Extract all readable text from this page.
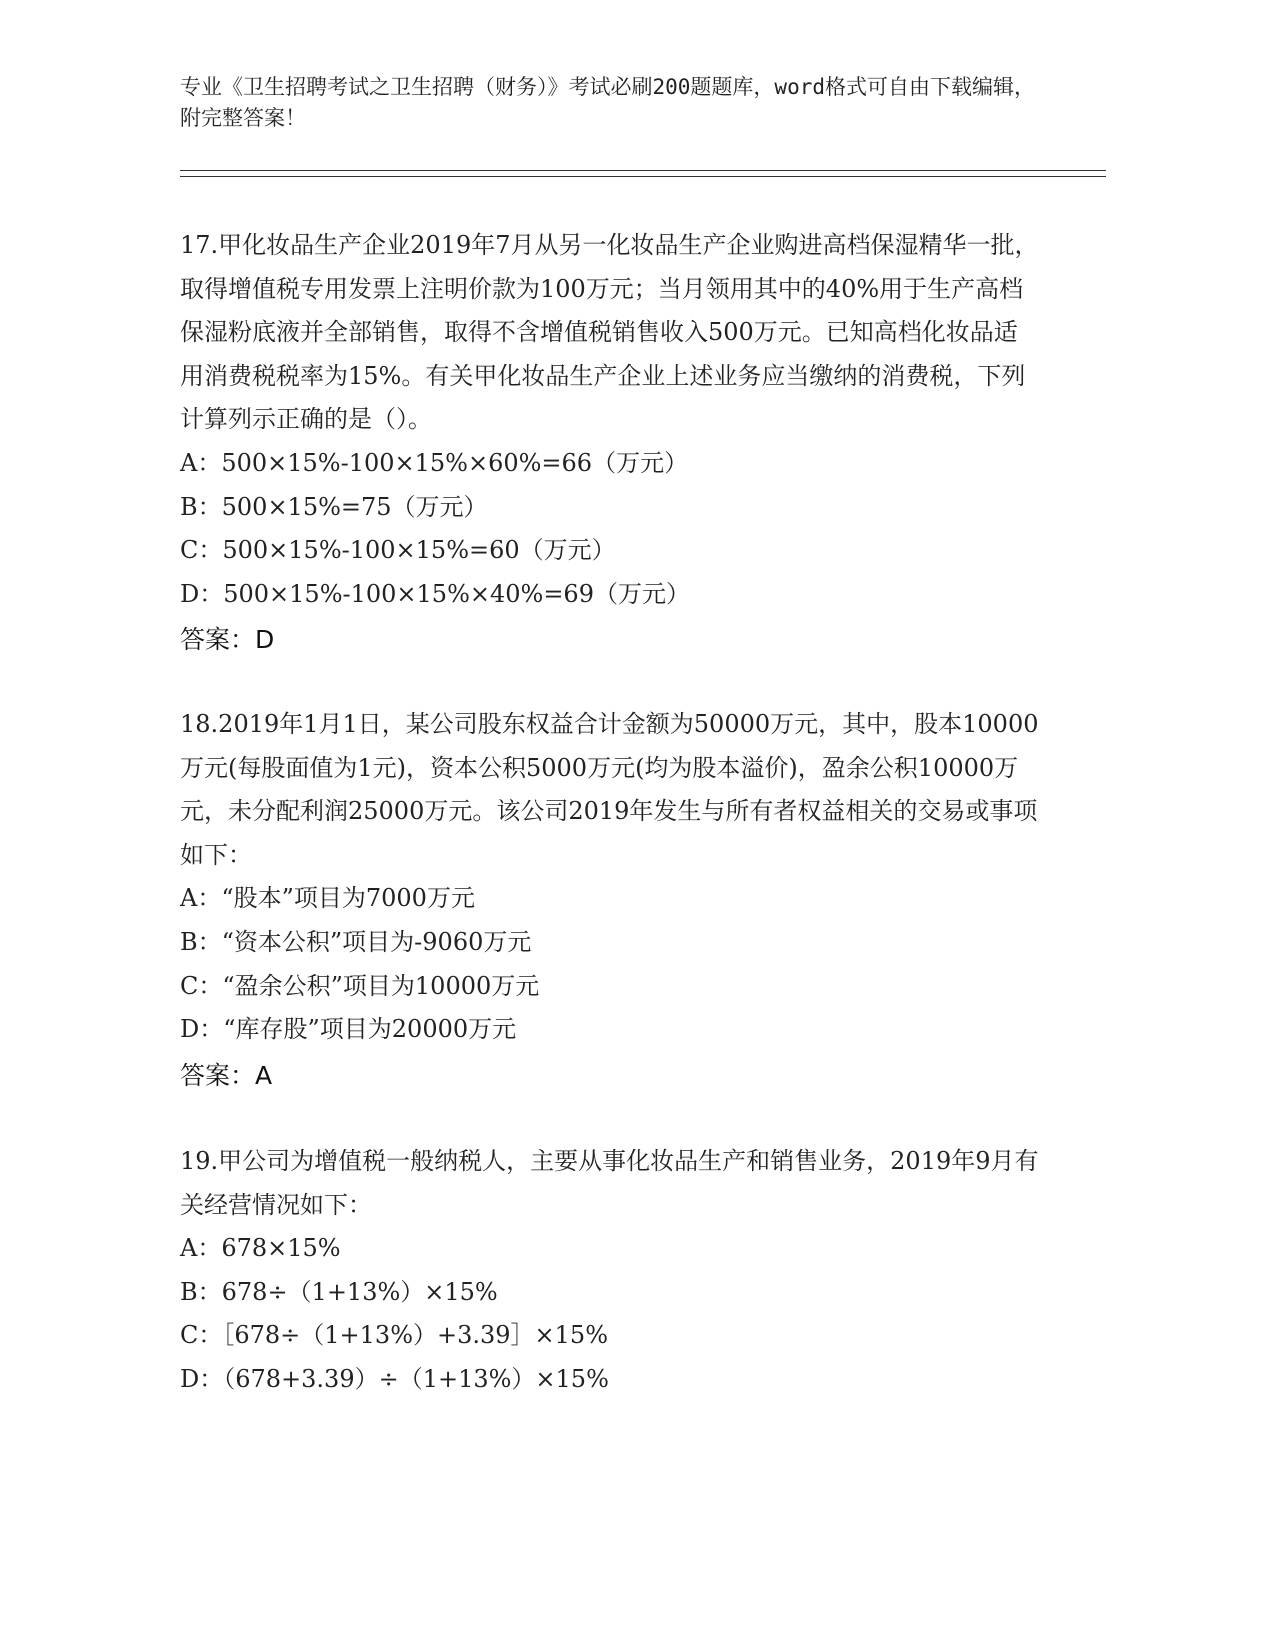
专业《卫生招聘考试之卫生招聘（财务）》考试必刷200题题库，word格式可自由下载编辑，附完整答案！
17.甲化妆品生产企业2019年7月从另一化妆品生产企业购进高档保湿精华一批，取得增值税专用发票上注明价款为100万元；当月领用其中的40%用于生产高档保湿粉底液并全部销售，取得不含增值税销售收入500万元。已知高档化妆品适用消费税税率为15%。有关甲化妆品生产企业上述业务应当缴纳的消费税，下列计算列示正确的是（）。
A：500×15%-100×15%×60%=66（万元）
B：500×15%=75（万元）
C：500×15%-100×15%=60（万元）
D：500×15%-100×15%×40%=69（万元）
答案：D
18.2019年1月1日，某公司股东权益合计金额为50000万元，其中，股本10000万元(每股面值为1元)，资本公积5000万元(均为股本溢价)，盈余公积10000万元，未分配利润25000万元。该公司2019年发生与所有者权益相关的交易或事项如下：
A：“股本”项目为7000万元
B：“资本公积”项目为-9060万元
C：“盈余公积”项目为10000万元
D：“库存股”项目为20000万元
答案：A
19.甲公司为增值税一般纳税人，主要从事化妆品生产和销售业务，2019年9月有关经营情况如下：
A：678×15%
B：678÷（1+13%）×15%
C：［678÷（1+13%）+3.39］×15%
D：（678+3.39）÷（1+13%）×15%
